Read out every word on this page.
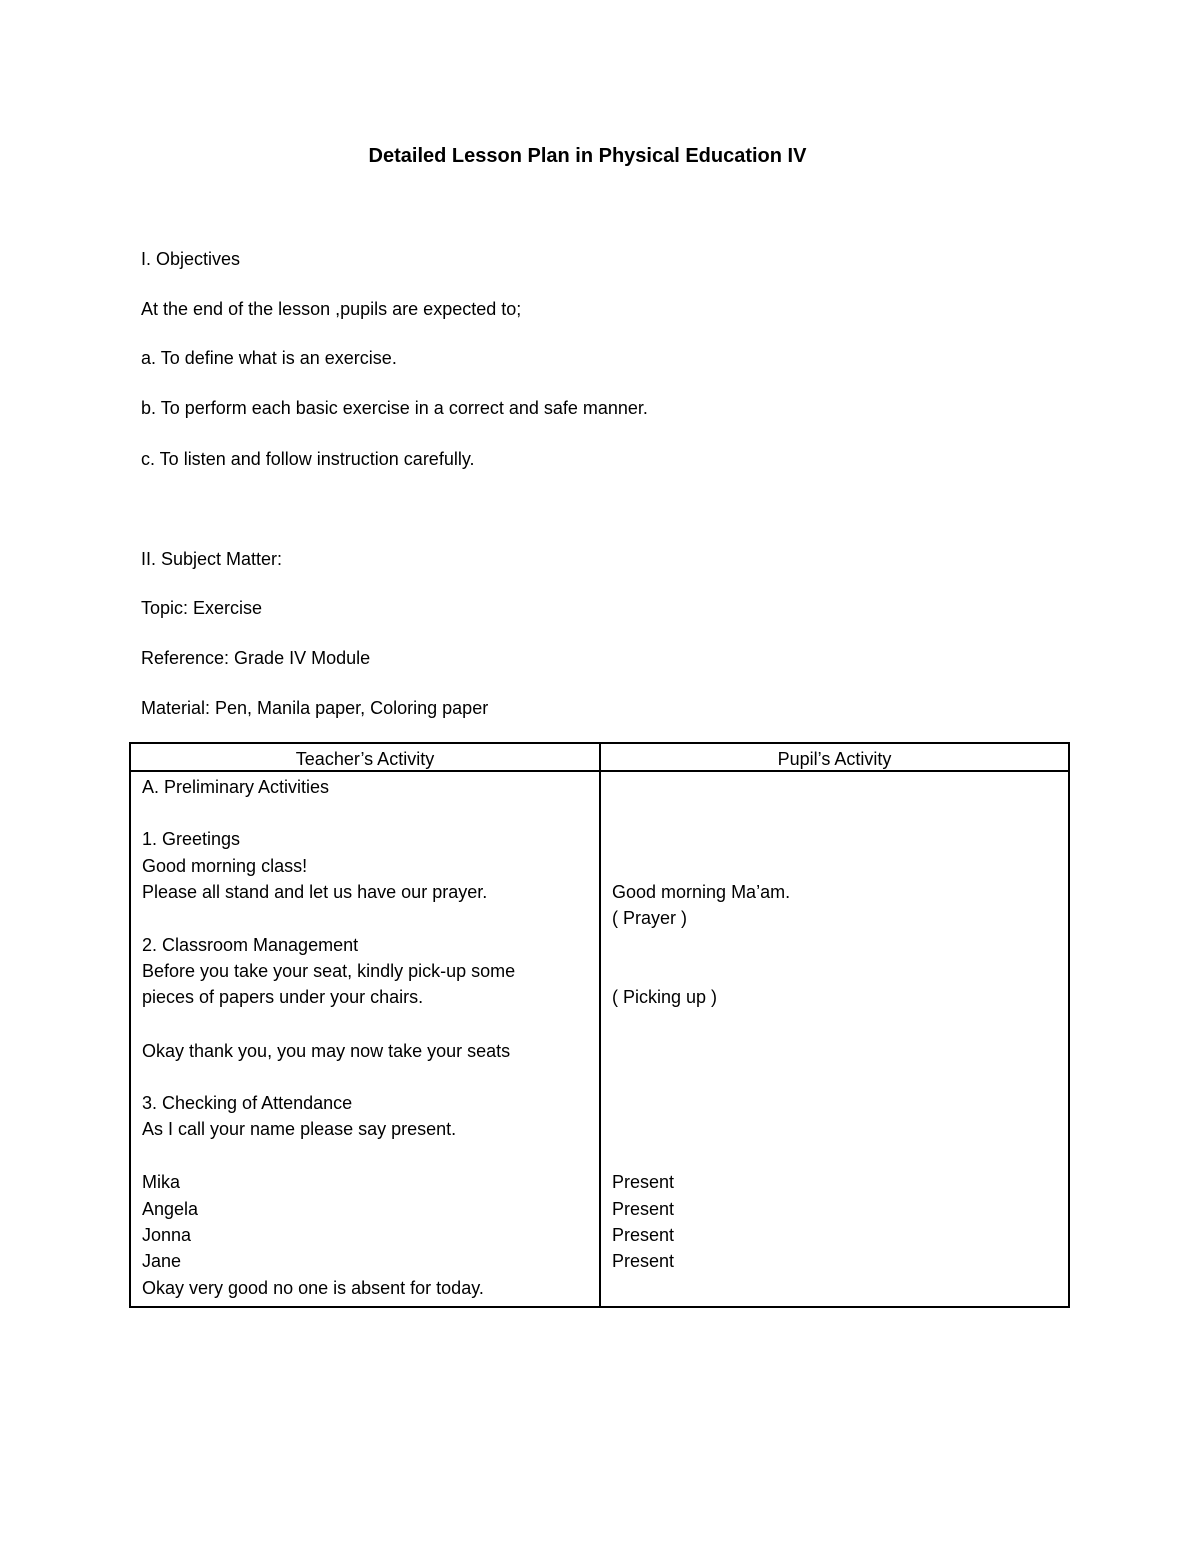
Detailed Lesson Plan in Physical Education IV
I. Objectives
At the end of the lesson ,pupils are expected to;
a. To define what is an exercise.
b. To perform each basic exercise in a correct and safe manner.
c. To listen and follow instruction carefully.
II. Subject Matter:
Topic: Exercise
Reference: Grade IV Module
Material: Pen, Manila paper, Coloring paper
Teacher’s Activity	Pupil’s Activity
A. Preliminary Activities
1. Greetings
Good morning class!
Please all stand and let us have our prayer.
2. Classroom Management
Before you take your seat, kindly pick-up some
pieces of papers under your chairs.
Okay thank you, you may now take your seats
3. Checking of Attendance
As I call your name please say present.
Mika
Angela
Jonna
Jane
Okay very good no one is absent for today.
Good morning Ma’am.
( Prayer )
( Picking up )
Present
Present
Present
Present
